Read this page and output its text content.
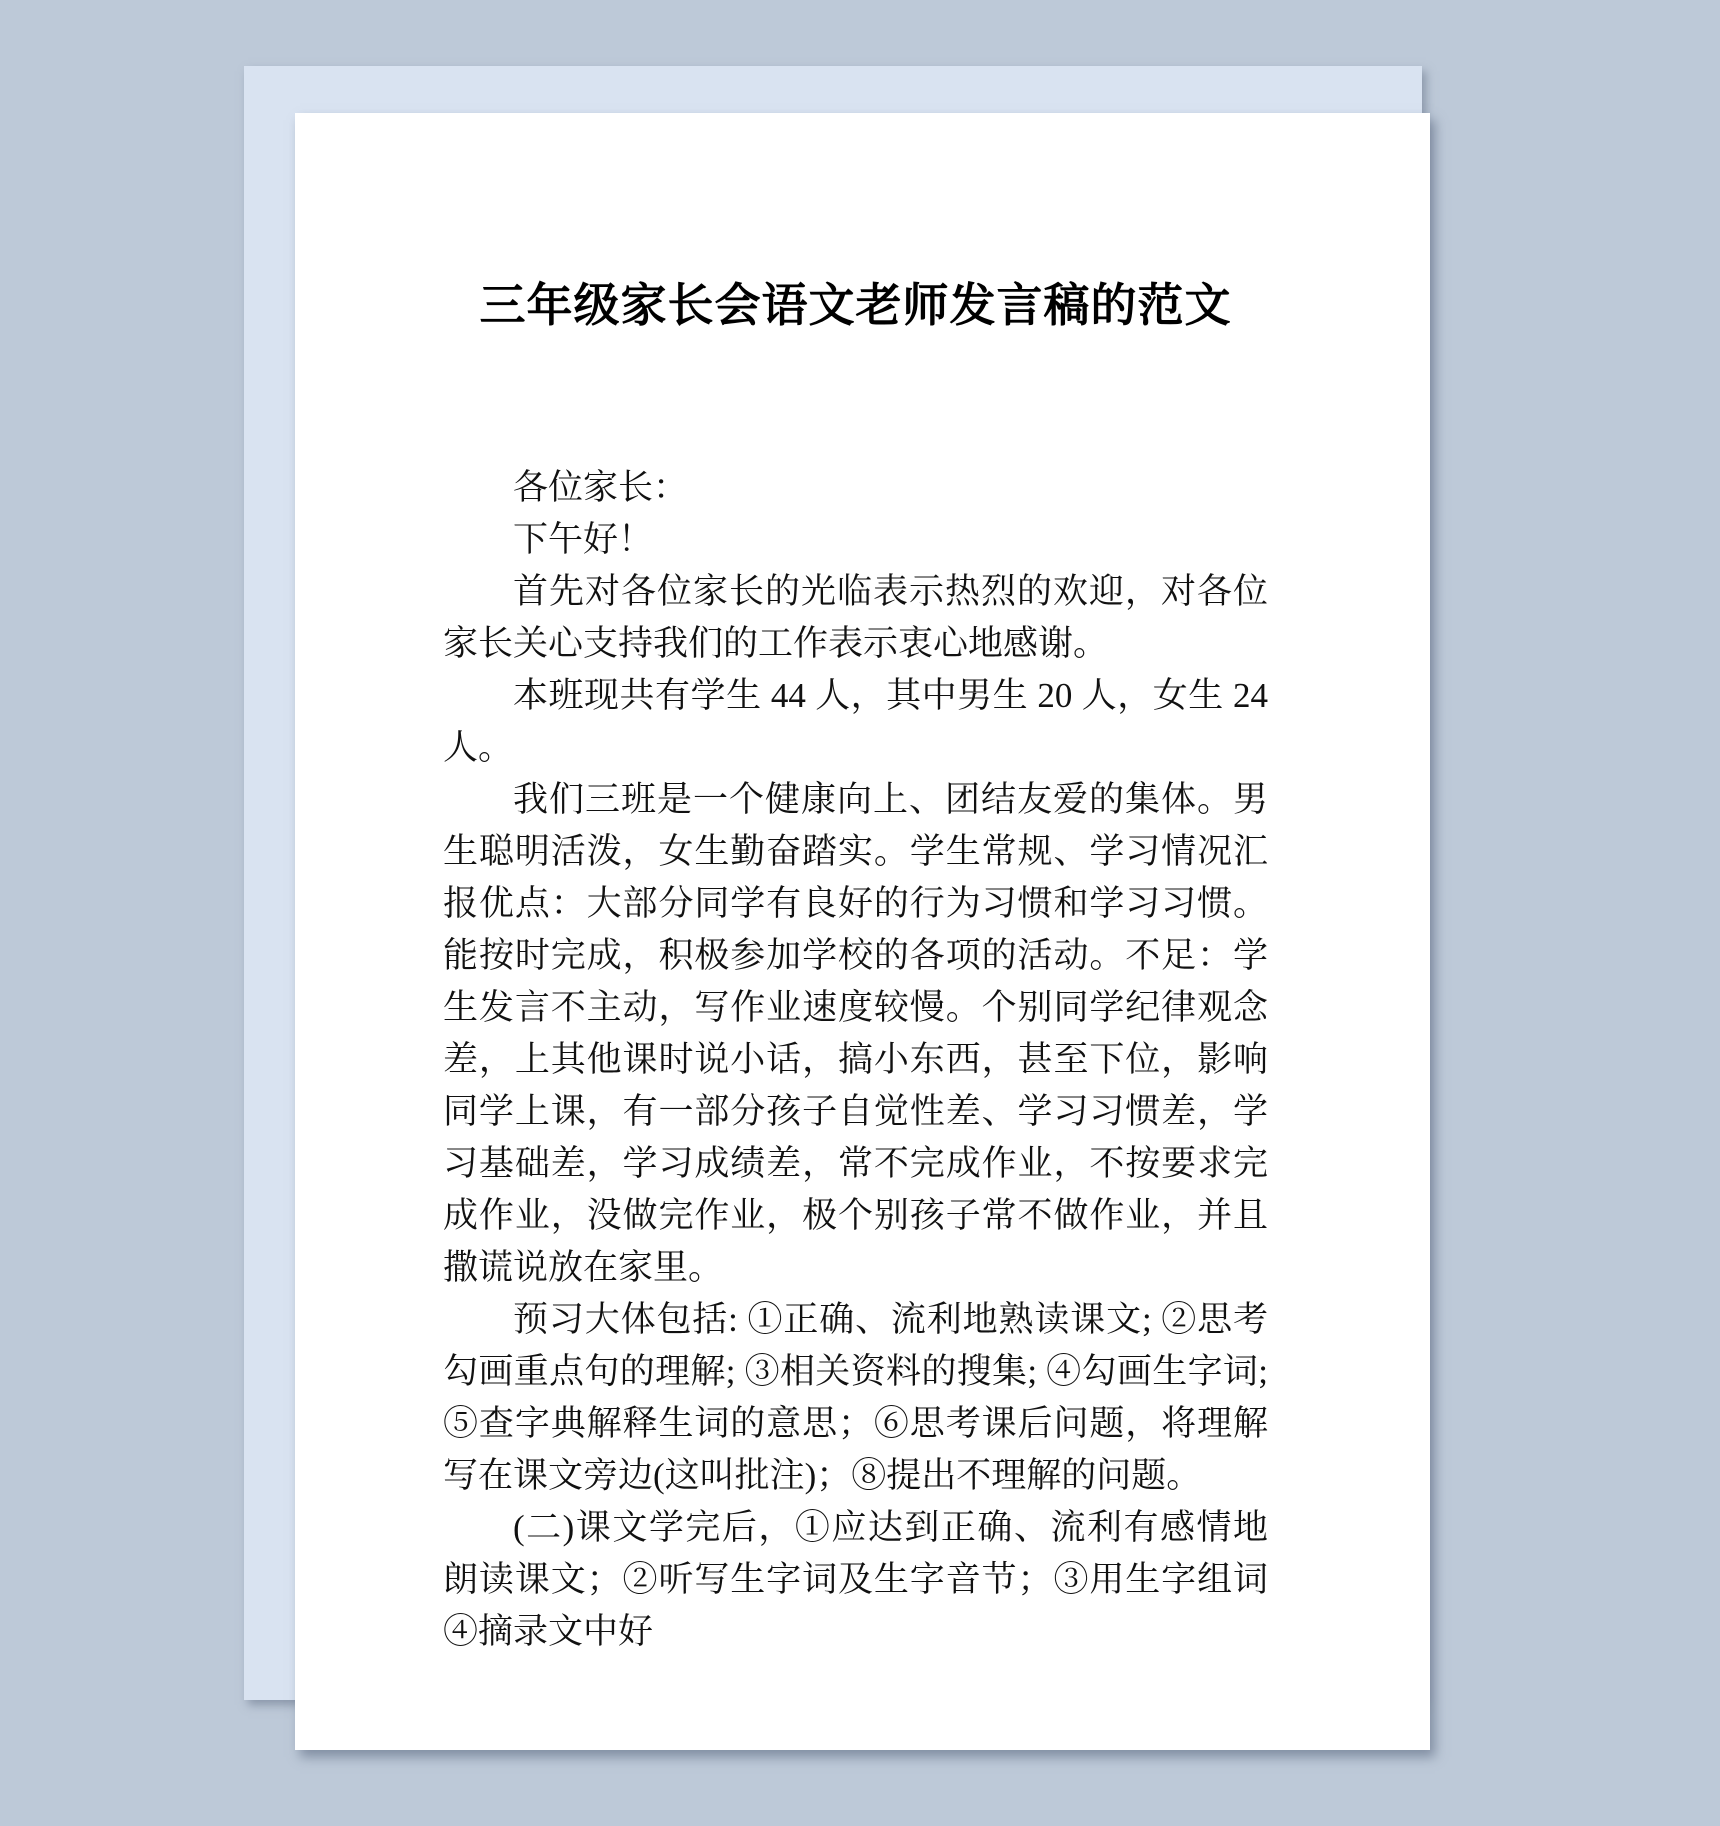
三年级家长会语文老师发言稿的范文

各位家长：

下午好！

首先对各位家长的光临表示热烈的欢迎，对各位家长关心支持我们的工作表示衷心地感谢。

本班现共有学生 44 人，其中男生 20 人，女生 24 人。

我们三班是一个健康向上、团结友爱的集体。男生聪明活泼，女生勤奋踏实。学生常规、学习情况汇报优点：大部分同学有良好的行为习惯和学习习惯。能按时完成，积极参加学校的各项的活动。不足：学生发言不主动，写作业速度较慢。个别同学纪律观念差，上其他课时说小话，搞小东西，甚至下位，影响同学上课，有一部分孩子自觉性差、学习习惯差，学习基础差，学习成绩差，常不完成作业，不按要求完成作业，没做完作业，极个别孩子常不做作业，并且撒谎说放在家里。

预习大体包括: ①正确、流利地熟读课文; ②思考勾画重点句的理解; ③相关资料的搜集; ④勾画生字词; ⑤查字典解释生词的意思；⑥思考课后问题，将理解写在课文旁边(这叫批注)；⑧提出不理解的问题。

(二)课文学完后，①应达到正确、流利有感情地朗读课文；②听写生字词及生字音节；③用生字组词④摘录文中好
